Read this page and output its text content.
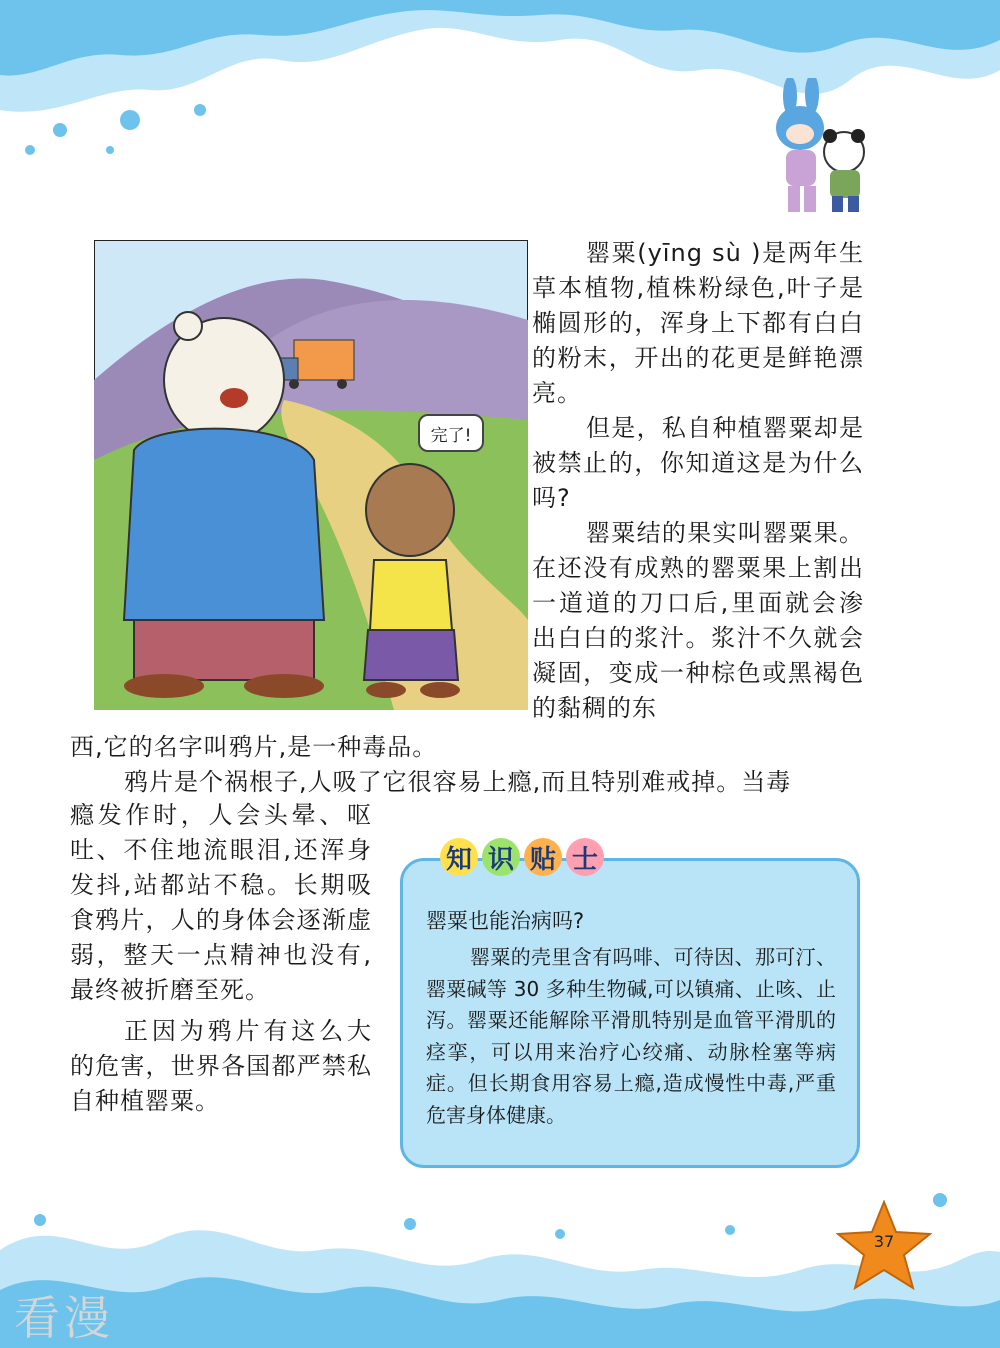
完了!

罂粟(yīng sù )是两年生草本植物,植株粉绿色,叶子是椭圆形的，浑身上下都有白白的粉末，开出的花更是鲜艳漂亮。

但是，私自种植罂粟却是被禁止的，你知道这是为什么吗?

罂粟结的果实叫罂粟果。在还没有成熟的罂粟果上割出一道道的刀口后,里面就会渗出白白的浆汁。浆汁不久就会凝固，变成一种棕色或黑褐色的黏稠的东

西,它的名字叫鸦片,是一种毒品。
鸦片是个祸根子,人吸了它很容易上瘾,而且特别难戒掉。当毒

瘾发作时，人会头晕、呕吐、不住地流眼泪,还浑身发抖,站都站不稳。长期吸食鸦片，人的身体会逐渐虚弱，整天一点精神也没有,最终被折磨至死。

正因为鸦片有这么大的危害，世界各国都严禁私自种植罂粟。

知 识 贴 士
罂粟也能治病吗?

罂粟的壳里含有吗啡、可待因、那可汀、罂粟碱等 30 多种生物碱,可以镇痛、止咳、止泻。罂粟还能解除平滑肌特别是血管平滑肌的痉挛，可以用来治疗心绞痛、动脉栓塞等病症。但长期食用容易上瘾,造成慢性中毒,严重危害身体健康。

37
看漫
